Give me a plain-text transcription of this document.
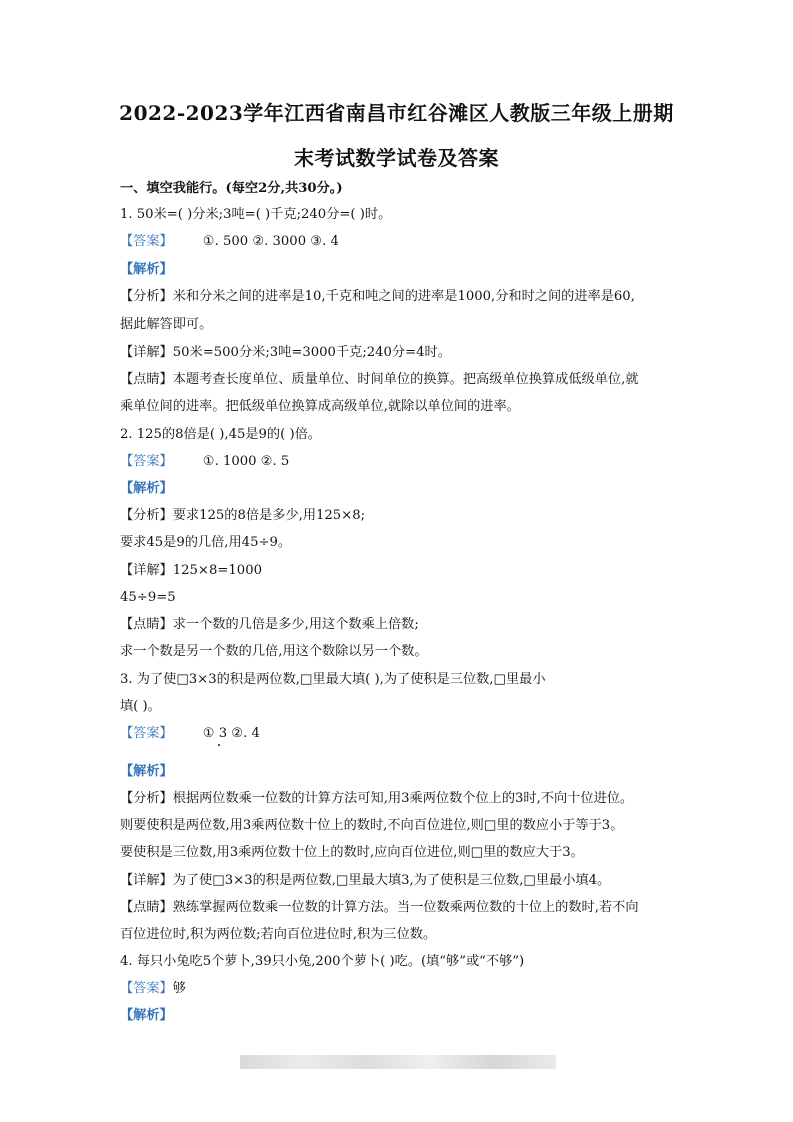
2022-2023学年江西省南昌市红谷滩区人教版三年级上册期
末考试数学试卷及答案
一、填空我能行。(每空2分,共30分。)
1. 50米=( )分米;3吨=( )千克;240分=( )时。
【答案】 ①. 500 ②. 3000 ③. 4
【解析】
【分析】米和分米之间的进率是10,千克和吨之间的进率是1000,分和时之间的进率是60,
据此解答即可。
【详解】50米=500分米;3吨=3000千克;240分=4时。
【点睛】本题考查长度单位、质量单位、时间单位的换算。把高级单位换算成低级单位,就
乘单位间的进率。把低级单位换算成高级单位,就除以单位间的进率。
2. 125的8倍是( ),45是9的( )倍。
【答案】 ①. 1000 ②. 5
【解析】
【分析】要求125的8倍是多少,用125×8;
要求45是9的几倍,用45÷9。
【详解】125×8=1000
45÷9=5
【点睛】求一个数的几倍是多少,用这个数乘上倍数;
求一个数是另一个数的几倍,用这个数除以另一个数。
3. 为了使□3×3的积是两位数,□里最大填( ),为了使积是三位数,□里最小
填( )。
【答案】 ① 3 ②. 4
【解析】
【分析】根据两位数乘一位数的计算方法可知,用3乘两位数个位上的3时,不向十位进位。
则要使积是两位数,用3乘两位数十位上的数时,不向百位进位,则□里的数应小于等于3。
要使积是三位数,用3乘两位数十位上的数时,应向百位进位,则□里的数应大于3。
【详解】为了使□3×3的积是两位数,□里最大填3,为了使积是三位数,□里最小填4。
【点睛】熟练掌握两位数乘一位数的计算方法。当一位数乘两位数的十位上的数时,若不向
百位进位时,积为两位数;若向百位进位时,积为三位数。
4. 每只小兔吃5个萝卜,39只小兔,200个萝卜( )吃。(填“够”或“不够”)
【答案】够
【解析】
